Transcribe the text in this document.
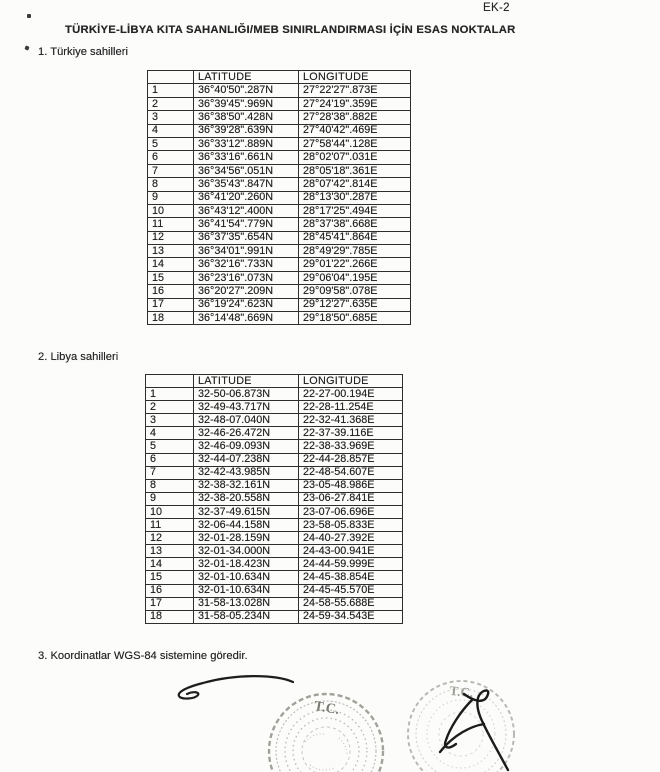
EK-2
TÜRKİYE-LİBYA KITA SAHANLIĞI/MEB SINIRLANDIRMASI İÇİN ESAS NOKTALAR
1. Türkiye sahilleri
	LATITUDE	LONGITUDE
1	36°40'50".287N	27°22'27".873E
2	36°39'45".969N	27°24'19".359E
3	36°38'50".428N	27°28'38".882E
4	36°39'28".639N	27°40'42".469E
5	36°33'12".889N	27°58'44".128E
6	36°33'16".661N	28°02'07".031E
7	36°34'56".051N	28°05'18".361E
8	36°35'43".847N	28°07'42".814E
9	36°41'20".260N	28°13'30".287E
10	36°43'12".400N	28°17'25".494E
11	36°41'54".779N	28°37'38".668E
12	36°37'35".654N	28°45'41".864E
13	36°34'01".991N	28°49'29".785E
14	36°32'16".733N	29°01'22".266E
15	36°23'16".073N	29°06'04".195E
16	36°20'27".209N	29°09'58".078E
17	36°19'24".623N	29°12'27".635E
18	36°14'48".669N	29°18'50".685E
2. Libya sahilleri
	LATITUDE	LONGITUDE
1	32-50-06.873N	22-27-00.194E
2	32-49-43.717N	22-28-11.254E
3	32-48-07.040N	22-32-41.368E
4	32-46-26.472N	22-37-39.116E
5	32-46-09.093N	22-38-33.969E
6	32-44-07.238N	22-44-28.857E
7	32-42-43.985N	22-48-54.607E
8	32-38-32.161N	23-05-48.986E
9	32-38-20.558N	23-06-27.841E
10	32-37-49.615N	23-07-06.696E
11	32-06-44.158N	23-58-05.833E
12	32-01-28.159N	24-40-27.392E
13	32-01-34.000N	24-43-00.941E
14	32-01-18.423N	24-44-59.999E
15	32-01-10.634N	24-45-38.854E
16	32-01-10.634N	24-45-45.570E
17	31-58-13.028N	24-58-55.688E
18	31-58-05.234N	24-59-34.543E
3. Koordinatlar WGS-84 sistemine göredir.
T.C.
T.C.
